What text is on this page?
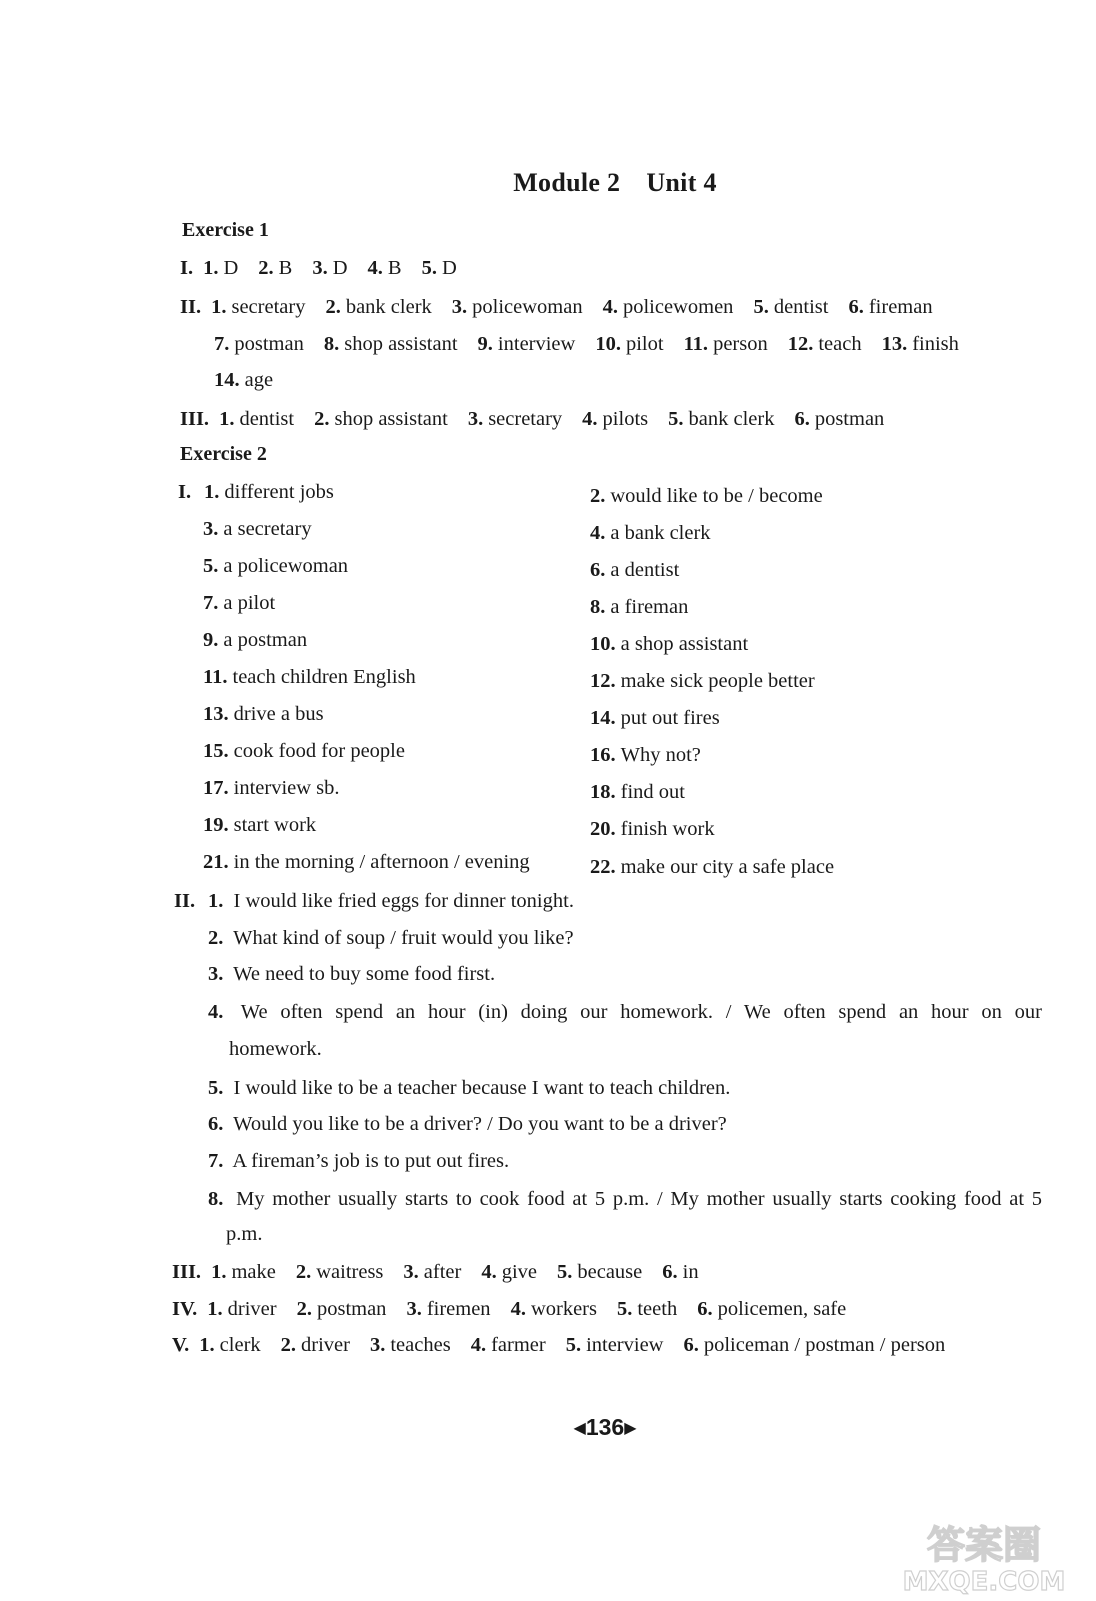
Module 2 Unit 4
Exercise 1
I. 1. D 2. B 3. D 4. B 5. D
II. 1. secretary 2. bank clerk 3. policewoman 4. policewomen 5. dentist 6. fireman
7. postman 8. shop assistant 9. interview 10. pilot 11. person 12. teach 13. finish
14. age
III. 1. dentist 2. shop assistant 3. secretary 4. pilots 5. bank clerk 6. postman
Exercise 2
I. 1. different jobs
3. a secretary
5. a policewoman
7. a pilot
9. a postman
11. teach children English
13. drive a bus
15. cook food for people
17. interview sb.
19. start work
21. in the morning / afternoon / evening
2. would like to be / become
4. a bank clerk
6. a dentist
8. a fireman
10. a shop assistant
12. make sick people better
14. put out fires
16. Why not?
18. find out
20. finish work
22. make our city a safe place
II. 1. I would like fried eggs for dinner tonight.
2. What kind of soup / fruit would you like?
3. We need to buy some food first.
4. We often spend an hour (in) doing our homework. / We often spend an hour on our
5. I would like to be a teacher because I want to teach children.
6. Would you like to be a driver? / Do you want to be a driver?
7. A fireman’s job is to put out fires.
8. My mother usually starts to cook food at 5 p.m. / My mother usually starts cooking food at 5
homework.
p.m.
III. 1. make 2. waitress 3. after 4. give 5. because 6. in
IV. 1. driver 2. postman 3. firemen 4. workers 5. teeth 6. policemen, safe
V. 1. clerk 2. driver 3. teaches 4. farmer 5. interview 6. policeman / postman / person
◀136▶
答案圈
MXQE.COM
